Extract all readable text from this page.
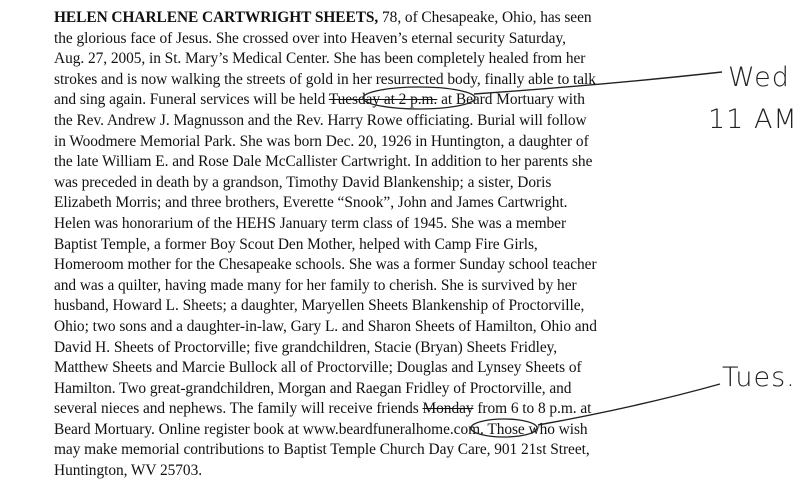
HELEN CHARLENE CARTWRIGHT SHEETS, 78, of Chesapeake, Ohio, has seen
the glorious face of Jesus. She crossed over into Heaven’s eternal security Saturday,
Aug. 27, 2005, in St. Mary’s Medical Center. She has been completely healed from her
strokes and is now walking the streets of gold in her resurrected body, finally able to talk
and sing again. Funeral services will be held Tuesday at 2 p.m. at Beard Mortuary with
the Rev. Andrew J. Magnusson and the Rev. Harry Rowe officiating. Burial will follow
in Woodmere Memorial Park. She was born Dec. 20, 1926 in Huntington, a daughter of
the late William E. and Rose Dale McCallister Cartwright. In addition to her parents she
was preceded in death by a grandson, Timothy David Blankenship; a sister, Doris
Elizabeth Morris; and three brothers, Everette “Snook”, John and James Cartwright.
Helen was honorarium of the HEHS January term class of 1945. She was a member
Baptist Temple, a former Boy Scout Den Mother, helped with Camp Fire Girls,
Homeroom mother for the Chesapeake schools. She was a former Sunday school teacher
and was a quilter, having made many for her family to cherish. She is survived by her
husband, Howard L. Sheets; a daughter, Maryellen Sheets Blankenship of Proctorville,
Ohio; two sons and a daughter-in-law, Gary L. and Sharon Sheets of Hamilton, Ohio and
David H. Sheets of Proctorville; five grandchildren, Stacie (Bryan) Sheets Fridley,
Matthew Sheets and Marcie Bullock all of Proctorville; Douglas and Lynsey Sheets of
Hamilton. Two great-grandchildren, Morgan and Raegan Fridley of Proctorville, and
several nieces and nephews. The family will receive friends Monday from 6 to 8 p.m. at
Beard Mortuary. Online register book at www.beardfuneralhome.com. Those who wish
may make memorial contributions to Baptist Temple Church Day Care, 901 21st Street,
Huntington, WV 25703.
Wed
11 AM
Tues.
